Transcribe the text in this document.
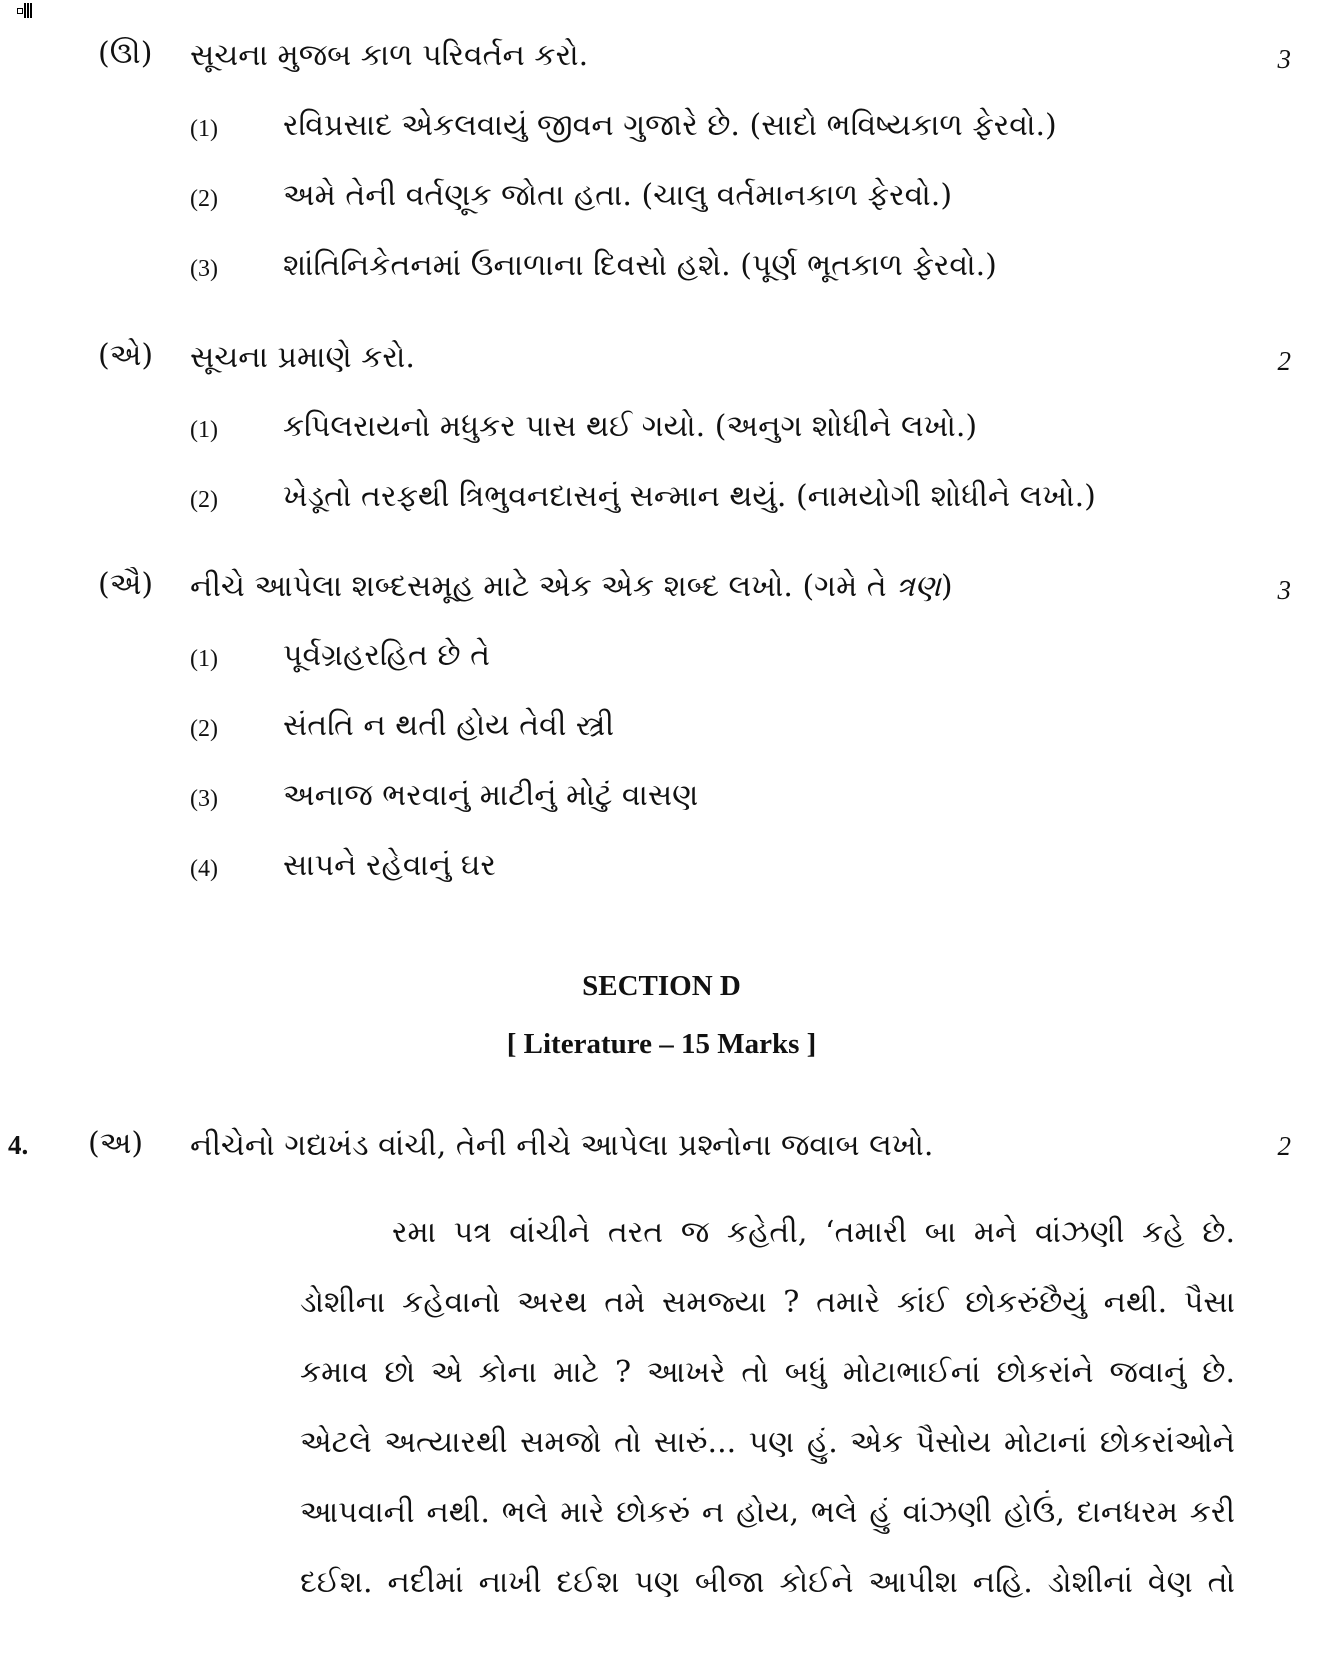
(ઊ) સૂચના મુજબ કાળ પરિવર્તન કરો.	3
(1) રવિપ્રસાદ એકલવાયું જીવન ગુજારે છે. (સાદો ભવિષ્યકાળ ફેરવો.)
(2) અમે તેની વર્તણૂક જોતા હતા. (ચાલુ વર્તમાનકાળ ફેરવો.)
(3) શાંતિનિકેતનમાં ઉનાળાના દિવસો હશે. (પૂર્ણ ભૂતકાળ ફેરવો.)
(એ) સૂચના પ્રમાણે કરો.	2
(1) કપિલરાયનો મધુકર પાસ થઈ ગયો. (અનુગ શોધીને લખો.)
(2) ખેડૂતો તરફથી ત્રિભુવનદાસનું સન્માન થયું. (નામયોગી શોધીને લખો.)
(ઐ) નીચે આપેલા શબ્દસમૂહ માટે એક એક શબ્દ લખો. (ગમે તે ત્રણ)	3
(1) પૂર્વગ્રહરહિત છે તે
(2) સંતતિ ન થતી હોય તેવી સ્ત્રી
(3) અનાજ ભરવાનું માટીનું મોટું વાસણ
(4) સાપને રહેવાનું ઘર
SECTION D
[ Literature – 15 Marks ]
4. (અ) નીચેનો ગદ્યખંડ વાંચી, તેની નીચે આપેલા પ્રશ્નોના જવાબ લખો.	2
રમા પત્ર વાંચીને તરત જ કહેતી, ‘તમારી બા મને વાંઝણી કહે છે.
ડોશીના કહેવાનો અરથ તમે સમજ્યા ? તમારે કાંઈ છોકરુંછૈયું નથી. પૈસા
કમાવ છો એ કોના માટે ? આખરે તો બધું મોટાભાઈનાં છોકરાંને જવાનું છે.
એટલે અત્યારથી સમજો તો સારું... પણ હું. એક પૈસોય મોટાનાં છોકરાંઓને
આપવાની નથી. ભલે મારે છોકરું ન હોય, ભલે હું વાંઝણી હોઉં, દાનધરમ કરી
દઈશ. નદીમાં નાખી દઈશ પણ બીજા કોઈને આપીશ નહિ. ડોશીનાં વેણ તો
